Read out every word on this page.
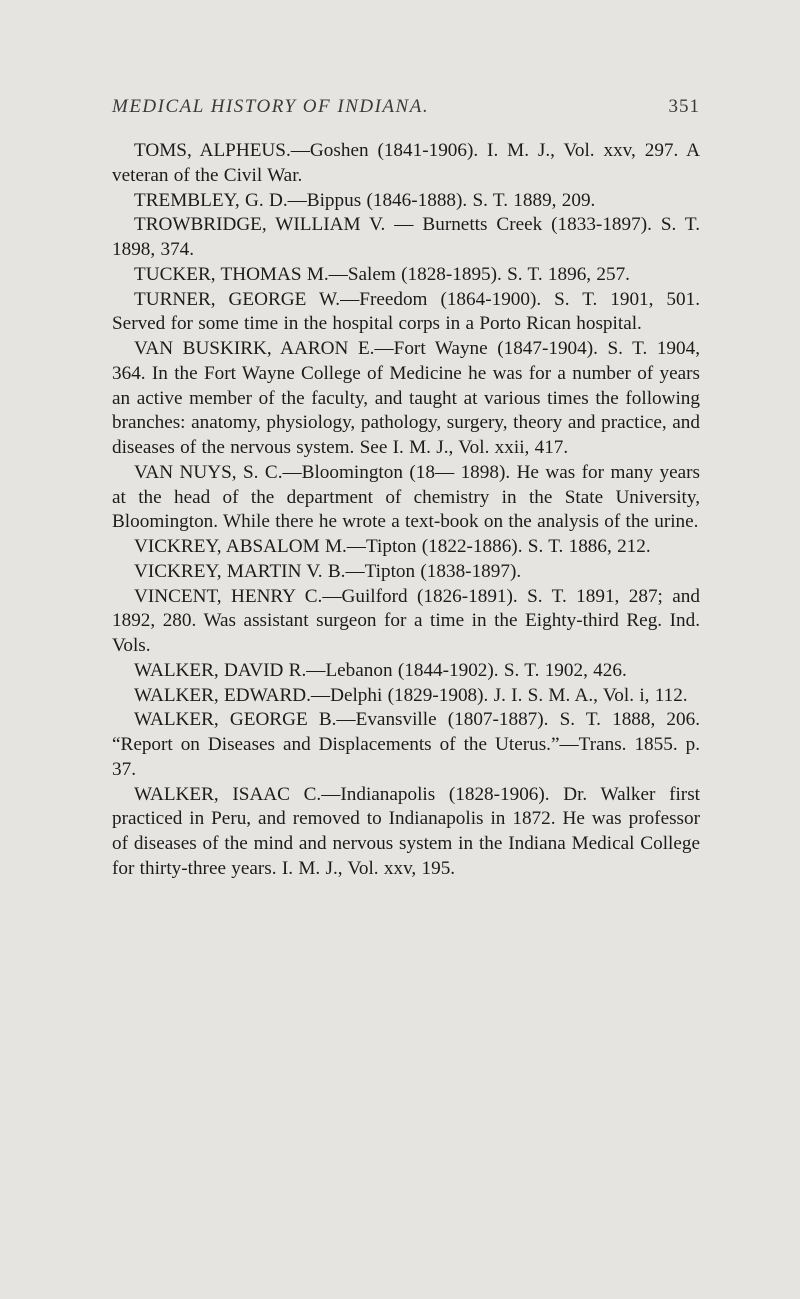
MEDICAL HISTORY OF INDIANA.	351

TOMS, ALPHEUS.—Goshen (1841-1906). I. M. J., Vol. xxv, 297. A veteran of the Civil War.

TREMBLEY, G. D.—Bippus (1846-1888). S. T. 1889, 209.

TROWBRIDGE, WILLIAM V. — Burnetts Creek (1833-1897). S. T. 1898, 374.

TUCKER, THOMAS M.—Salem (1828-1895). S. T. 1896, 257.

TURNER, GEORGE W.—Freedom (1864-1900). S. T. 1901, 501. Served for some time in the hospital corps in a Porto Rican hospital.

VAN BUSKIRK, AARON E.—Fort Wayne (1847-1904). S. T. 1904, 364. In the Fort Wayne College of Medicine he was for a number of years an active member of the faculty, and taught at various times the following branches: anatomy, physiology, pathology, surgery, theory and practice, and diseases of the nervous system. See I. M. J., Vol. xxii, 417.

VAN NUYS, S. C.—Bloomington (18— 1898). He was for many years at the head of the department of chemistry in the State University, Bloomington. While there he wrote a text-book on the analysis of the urine.

VICKREY, ABSALOM M.—Tipton (1822-1886). S. T. 1886, 212.

VICKREY, MARTIN V. B.—Tipton (1838-1897).

VINCENT, HENRY C.—Guilford (1826-1891). S. T. 1891, 287; and 1892, 280. Was assistant surgeon for a time in the Eighty-third Reg. Ind. Vols.

WALKER, DAVID R.—Lebanon (1844-1902). S. T. 1902, 426.

WALKER, EDWARD.—Delphi (1829-1908). J. I. S. M. A., Vol. i, 112.

WALKER, GEORGE B.—Evansville (1807-1887). S. T. 1888, 206. “Report on Diseases and Displacements of the Uterus.”—Trans. 1855. p. 37.

WALKER, ISAAC C.—Indianapolis (1828-1906). Dr. Walker first practiced in Peru, and removed to Indianapolis in 1872. He was professor of diseases of the mind and nervous system in the Indiana Medical College for thirty-three years. I. M. J., Vol. xxv, 195.
